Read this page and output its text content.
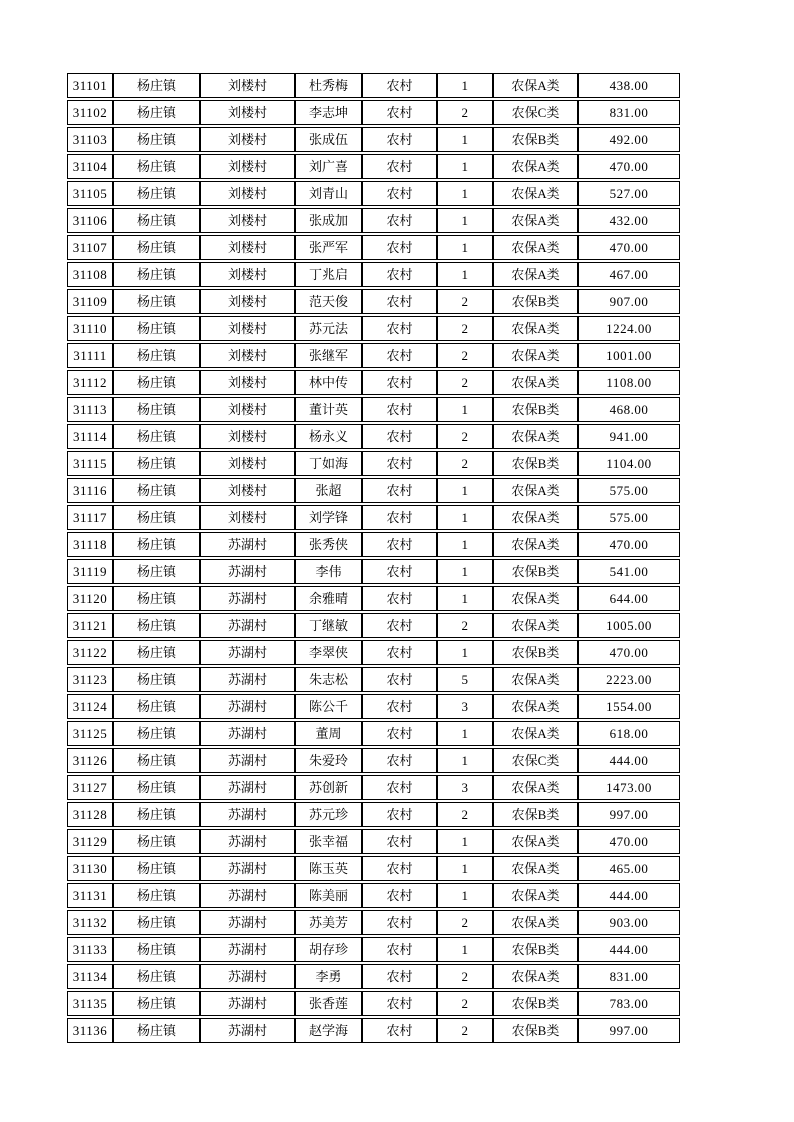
31101	杨庄镇	刘楼村	杜秀梅	农村	1	农保A类	438.00
31102	杨庄镇	刘楼村	李志坤	农村	2	农保C类	831.00
31103	杨庄镇	刘楼村	张成伍	农村	1	农保B类	492.00
31104	杨庄镇	刘楼村	刘广喜	农村	1	农保A类	470.00
31105	杨庄镇	刘楼村	刘青山	农村	1	农保A类	527.00
31106	杨庄镇	刘楼村	张成加	农村	1	农保A类	432.00
31107	杨庄镇	刘楼村	张严军	农村	1	农保A类	470.00
31108	杨庄镇	刘楼村	丁兆启	农村	1	农保A类	467.00
31109	杨庄镇	刘楼村	范天俊	农村	2	农保B类	907.00
31110	杨庄镇	刘楼村	苏元法	农村	2	农保A类	1224.00
31111	杨庄镇	刘楼村	张继军	农村	2	农保A类	1001.00
31112	杨庄镇	刘楼村	林中传	农村	2	农保A类	1108.00
31113	杨庄镇	刘楼村	董计英	农村	1	农保B类	468.00
31114	杨庄镇	刘楼村	杨永义	农村	2	农保A类	941.00
31115	杨庄镇	刘楼村	丁如海	农村	2	农保B类	1104.00
31116	杨庄镇	刘楼村	张超	农村	1	农保A类	575.00
31117	杨庄镇	刘楼村	刘学锋	农村	1	农保A类	575.00
31118	杨庄镇	苏湖村	张秀侠	农村	1	农保A类	470.00
31119	杨庄镇	苏湖村	李伟	农村	1	农保B类	541.00
31120	杨庄镇	苏湖村	余雅晴	农村	1	农保A类	644.00
31121	杨庄镇	苏湖村	丁继敏	农村	2	农保A类	1005.00
31122	杨庄镇	苏湖村	李翠侠	农村	1	农保B类	470.00
31123	杨庄镇	苏湖村	朱志松	农村	5	农保A类	2223.00
31124	杨庄镇	苏湖村	陈公千	农村	3	农保A类	1554.00
31125	杨庄镇	苏湖村	董周	农村	1	农保A类	618.00
31126	杨庄镇	苏湖村	朱爱玲	农村	1	农保C类	444.00
31127	杨庄镇	苏湖村	苏创新	农村	3	农保A类	1473.00
31128	杨庄镇	苏湖村	苏元珍	农村	2	农保B类	997.00
31129	杨庄镇	苏湖村	张幸福	农村	1	农保A类	470.00
31130	杨庄镇	苏湖村	陈玉英	农村	1	农保A类	465.00
31131	杨庄镇	苏湖村	陈美丽	农村	1	农保A类	444.00
31132	杨庄镇	苏湖村	苏美芳	农村	2	农保A类	903.00
31133	杨庄镇	苏湖村	胡存珍	农村	1	农保B类	444.00
31134	杨庄镇	苏湖村	李勇	农村	2	农保A类	831.00
31135	杨庄镇	苏湖村	张香莲	农村	2	农保B类	783.00
31136	杨庄镇	苏湖村	赵学海	农村	2	农保B类	997.00
